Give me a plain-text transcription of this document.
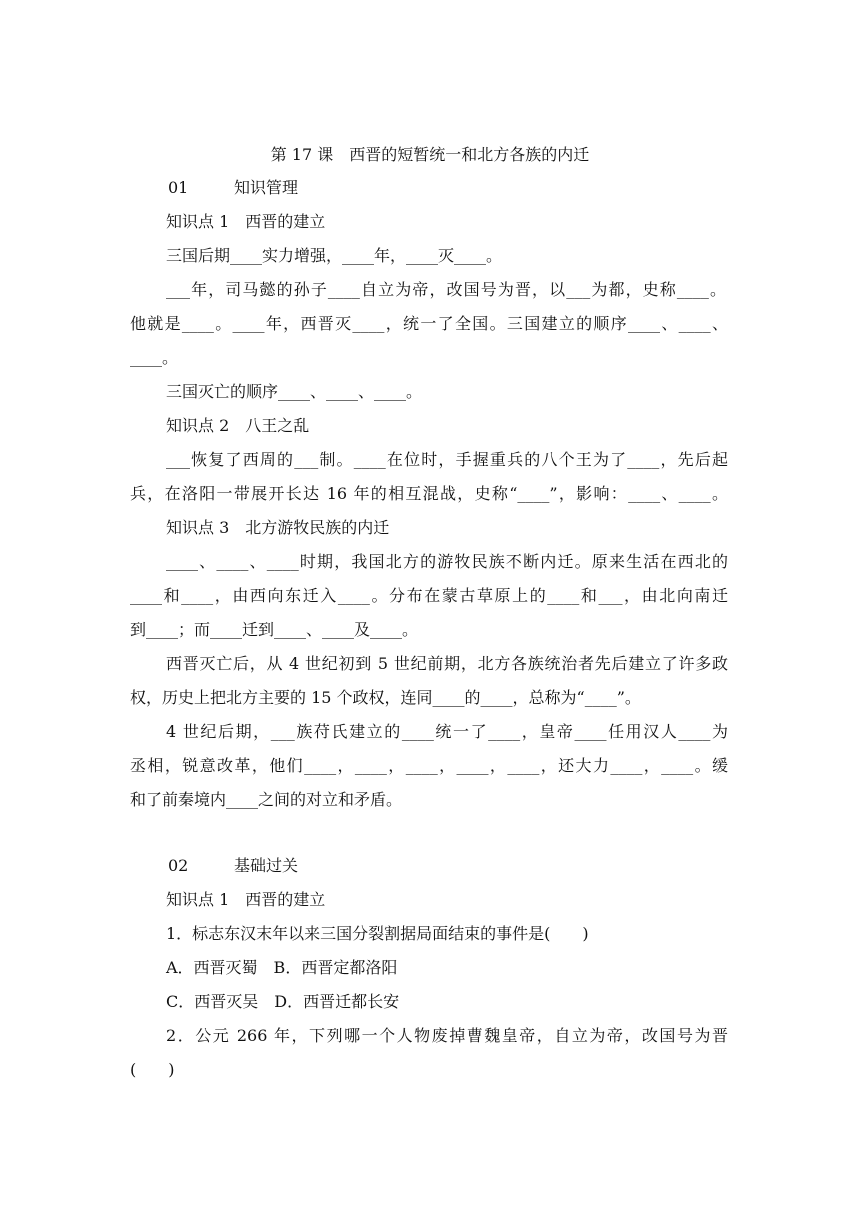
第 17 课　西晋的短暂统一和北方各族的内迁
01	知识管理
知识点 1　西晋的建立
三国后期____实力增强，____年，____灭____。
___年，司马懿的孙子____自立为帝，改国号为晋，以___为都，史称____。
他就是____。____年，西晋灭____，统一了全国。三国建立的顺序____、____、
____。
三国灭亡的顺序____、____、____。
知识点 2　八王之乱
___恢复了西周的___制。____在位时，手握重兵的八个王为了____，先后起
兵，在洛阳一带展开长达 16 年的相互混战，史称“____”，影响：____、____。
知识点 3　北方游牧民族的内迁
____、____、____时期，我国北方的游牧民族不断内迁。原来生活在西北的
____和____，由西向东迁入____。分布在蒙古草原上的____和___，由北向南迁
到____；而____迁到____、____及____。
西晋灭亡后，从 4 世纪初到 5 世纪前期，北方各族统治者先后建立了许多政
权，历史上把北方主要的 15 个政权，连同____的____，总称为“____”。
4 世纪后期，___族苻氏建立的____统一了____，皇帝____任用汉人____为
丞相，锐意改革，他们____，____，____，____，____，还大力____，____。缓
和了前秦境内____之间的对立和矛盾。
02	基础过关
知识点 1　西晋的建立
1．标志东汉末年以来三国分裂割据局面结束的事件是(　　)
A．西晋灭蜀　B．西晋定都洛阳
C．西晋灭吴　D．西晋迁都长安
2．公元 266 年，下列哪一个人物废掉曹魏皇帝，自立为帝，改国号为晋
(　　)
